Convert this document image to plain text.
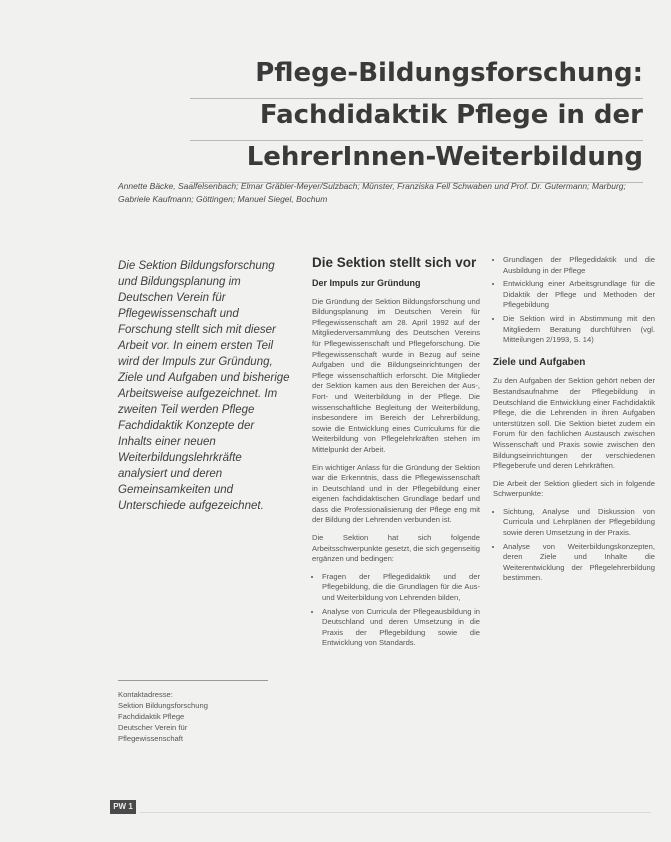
Pflege-Bildungsforschung:
Fachdidaktik Pflege in der
LehrerInnen-Weiterbildung
Annette Bäcke, Saalfelsenbach; Elmar Gräbler-Meyer/Sulzbach; Münster, Franziska Fell Schwaben und Prof. Dr. Gutermann; Marburg; Gabriele Kaufmann; Göttingen; Manuel Siegel, Bochum
Die Sektion Bildungsforschung und Bildungsplanung im Deutschen Verein für Pflegewissenschaft und Forschung stellt sich mit dieser Arbeit vor. In einem ersten Teil wird der Impuls zur Gründung, Ziele und Aufgaben und bisherige Arbeitsweise aufgezeichnet. Im zweiten Teil werden Pflege Fachdidaktik Konzepte der Inhalts einer neuen Weiterbildungslehrkräfte analysiert und deren Gemeinsamkeiten und Unterschiede aufgezeichnet.
Die Sektion stellt sich vor
Der Impuls zur Gründung

Die Gründung der Sektion Bildungsforschung und Bildungsplanung im Deutschen Verein für Pflegewissenschaft am 28. April 1992 auf der Mitgliederversammlung des Deutschen Vereins für Pflegewissenschaft und Pflegeforschung. Die Pflegewissenschaft wurde in Bezug auf seine Aufgaben und die Bildungseinrichtungen der Pflege wissenschaftlich erforscht. Die Mitglieder der Sektion kamen aus den Bereichen der Aus-, Fort- und Weiterbildung in der Pflege. Die wissenschaftliche Begleitung der Weiterbildung, insbesondere im Bereich der Lehrerbildung, sowie die Entwicklung eines Curriculums für die Weiterbildung von Pflegelehrkräften stehen im Mittelpunkt der Arbeit.

Ein wichtiger Anlass für die Gründung der Sektion war die Erkenntnis, dass die Pflegewissenschaft in Deutschland und in der Pflegebildung einer eigenen fachdidaktischen Grundlage bedarf und dass die Professionalisierung der Pflege eng mit der Bildung der Lehrenden verbunden ist.

Die Sektion hat sich folgende Arbeitsschwerpunkte gesetzt, die sich gegenseitig ergänzen und bedingen:

• Fragen der Pflegedidaktik und der Pflegebildung, die die Grundlagen für die Aus- und Weiterbildung von Lehrenden bilden,
• Analyse von Curricula der Pflegeausbildung in Deutschland und deren Umsetzung in die Praxis der Pflegebildung sowie die Entwicklung von Standards.
• Grundlagen der Pflegedidaktik und die Ausbildung in der Pflege
• Entwicklung einer Arbeitsgrundlage für die Didaktik der Pflege und Methoden der Pflegebildung
• Die Sektion wird in Abstimmung mit den Mitgliedern Beratung durchführen (vgl. Mitteilungen 2/1993, S. 14)
Ziele und Aufgaben

Zu den Aufgaben der Sektion gehört neben der Bestandsaufnahme der Pflegebildung in Deutschland die Entwicklung einer Fachdidaktik Pflege, die die Lehrenden in ihren Aufgaben unterstützen soll. Die Sektion bietet zudem ein Forum für den fachlichen Austausch zwischen Wissenschaft und Praxis sowie zwischen den Bildungseinrichtungen der verschiedenen Pflegeberufe und deren Lehrkräften.

Die Arbeit der Sektion gliedert sich in folgende Schwerpunkte:

• Sichtung, Analyse und Diskussion von Curricula und Lehrplänen der Pflegebildung sowie deren Umsetzung in der Praxis.
• Analyse von Weiterbildungskonzepten, deren Ziele und Inhalte die Weiterentwicklung der Pflegelehrerbildung bestimmen.
Kontaktadresse:
Sektion Bildungsforschung
Fachdidaktik Pflege
Deutscher Verein für
Pflegewissenschaft
PW 1
